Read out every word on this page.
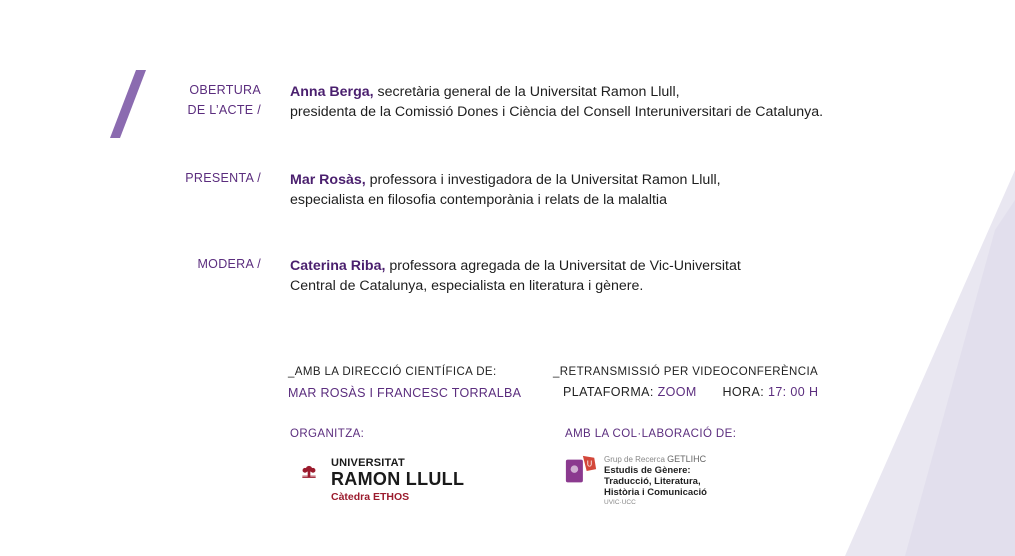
OBERTURA
DE L’ACTE /
Anna Berga, secretària general de la Universitat Ramon Llull,
presidenta de la Comissió Dones i Ciència del Consell Interuniversitari de Catalunya.
PRESENTA / Mar Rosàs, professora i investigadora de la Universitat Ramon Llull,
especialista en filosofia contemporània i relats de la malaltia
MODERA / Caterina Riba, professora agregada de la Universitat de Vic-Universitat
Central de Catalunya, especialista en literatura i gènere.
_AMB LA DIRECCIÓ CIENTÍFICA DE:
MAR ROSÀS I FRANCESC TORRALBA
_RETRANSMISSIÓ PER VIDEOCONFERÈNCIA
PLATAFORMA: ZOOM HORA: 17: 00 H
ORGANITZA:	AMB LA COL·LABORACIÓ DE:
UNIVERSITAT
RAMON LLULL
Càtedra ETHOS
U Grup de Recerca GETLIHC
Estudis de Gènere:
Traducció, Literatura,
Història i Comunicació
UVIC·UCC
